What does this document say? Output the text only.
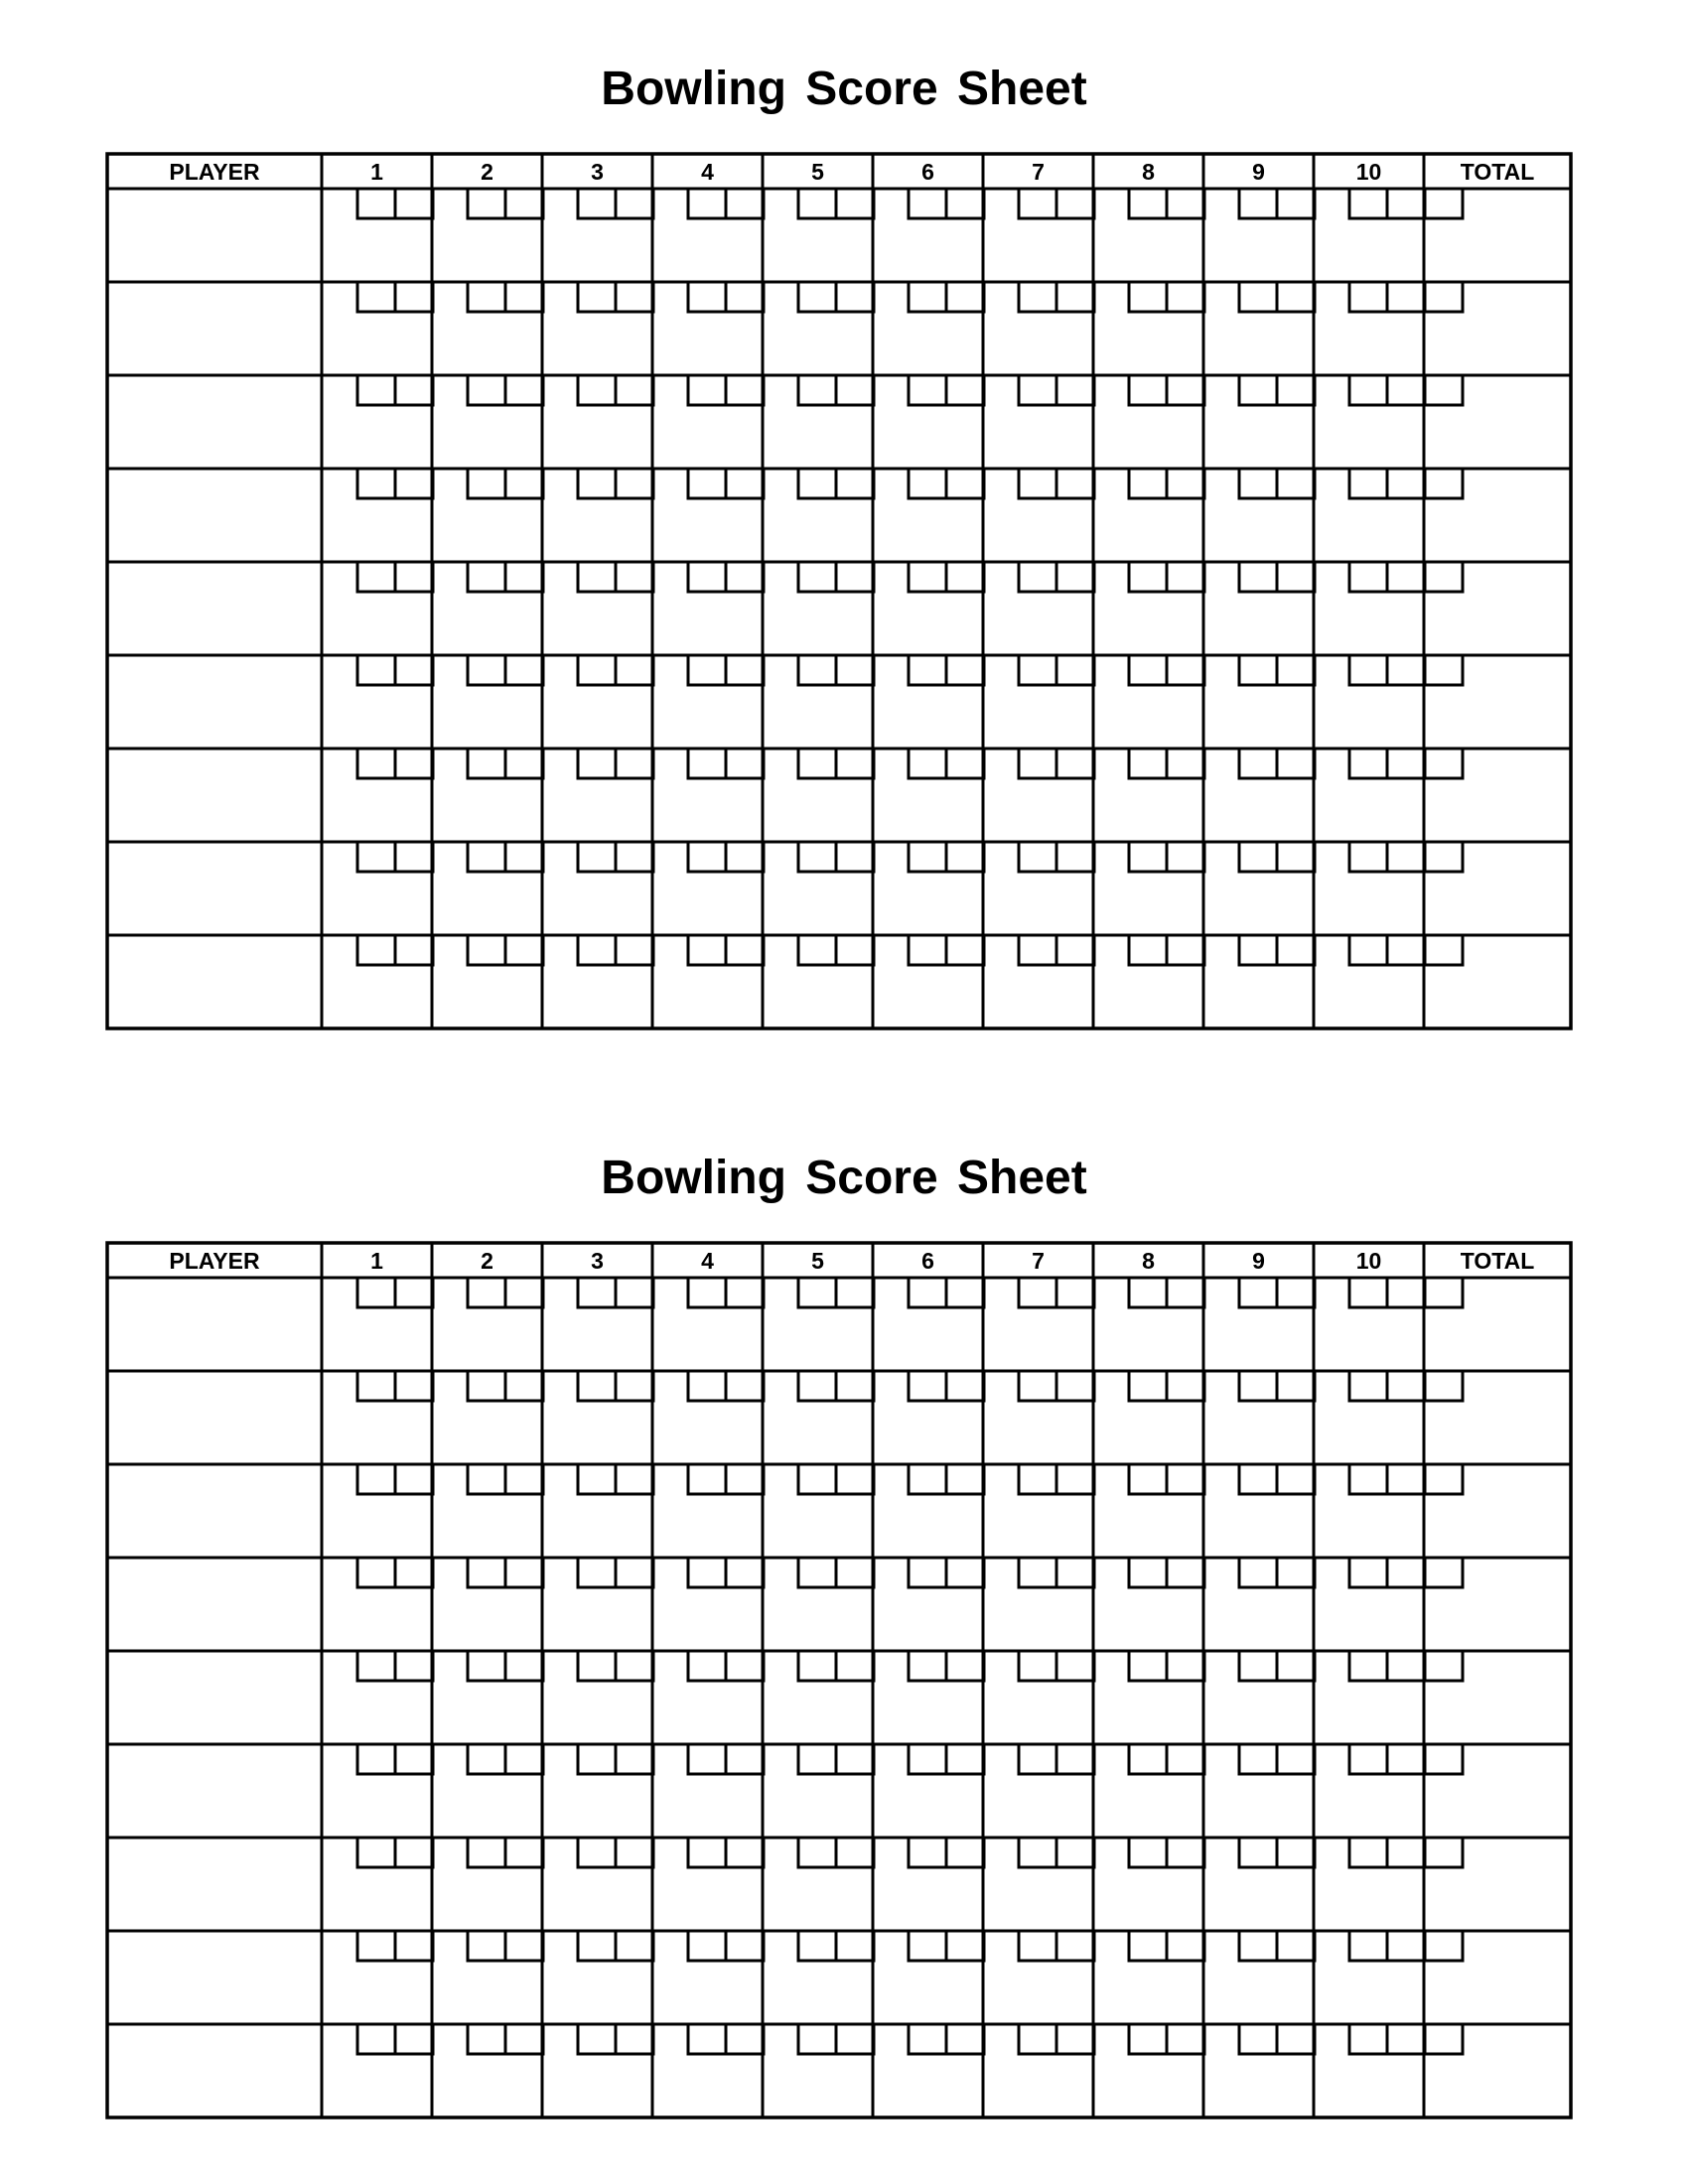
Bowling Score Sheet
PLAYER	1	2	3	4	5	6	7	8	9	10	TOTAL
Bowling Score Sheet
PLAYER	1	2	3	4	5	6	7	8	9	10	TOTAL
